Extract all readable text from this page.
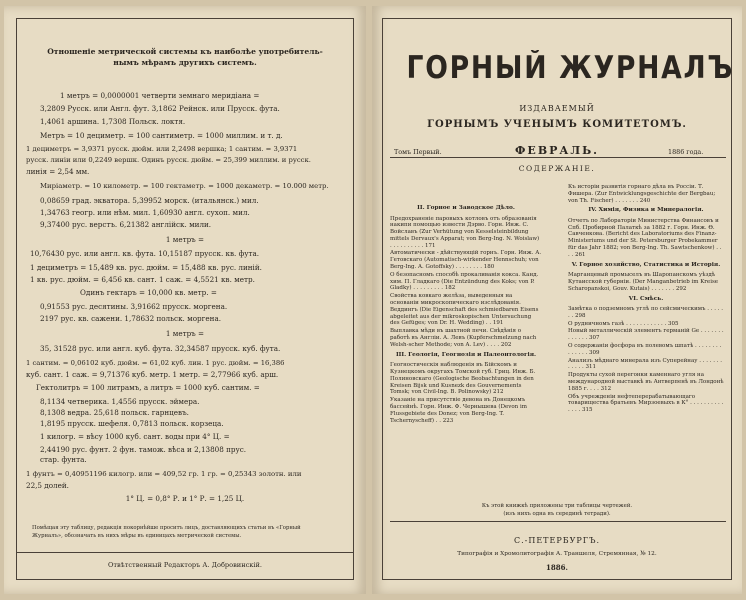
Отношеніе метрической системы къ наиболѣе употребитель-
нымъ мѣрамъ другихъ системъ.
1 метръ = 0,0000001 четверти земнаго меридіана =
3,2809 Русск. или Англ. фут. 3,1862 Рейнск. или Прусск. фута.
1,4061 аршина. 1,7308 Польск. локтя.
Метръ = 10 дециметр. = 100 сантиметр. = 1000 миллим. и т. д.
1 дециметръ = 3,9371 русск. дюйм. или 2,2498 вершка; 1 сантим. = 3,9371
русск. линіи или 0,2249 вершк. Одинъ русск. дюйм. = 25,399 миллим. и русск.
линія = 2,54 мм.
Миріаметр. = 10 километр. = 100 гектаметр. = 1000 декаметр. = 10.000 метр.
0,08659 град. экватора. 5,39952 морск. (итальянск.) мил.
1,34763 геогр. или нѣм. мил. 1,60930 англ. сухоп. мил.
9,37400 рус. верстъ. 6,21382 англійск. мили.
1 метръ =
10,76430 рус. или англ. кв. фута. 10,15187 прусск. кв. фута.
1 дециметръ = 15,489 кв. рус. дюйм. = 15,488 кв. рус. линій.
1 кв. рус. дюйм. = 6,456 кв. сант. 1 саж. = 4,5521 кв. метр.
Одинъ гектаръ = 10,000 кв. метр. =
0,91553 рус. десятины. 3,91662 прусск. моргена.
2197 рус. кв. сажени. 1,78632 польск. моргена.
1 метръ =
35, 31528 рус. или англ. куб. фута. 32,34587 прусск. куб. фута.
1 сантим. = 0,06102 куб. дюйм. = 61,02 куб. лин. 1 рус. дюйм. = 16,386
куб. сант. 1 саж. = 9,71376 куб. метр. 1 метр. = 2,77966 куб. арш.
Гектолитръ = 100 литрамъ, а литръ = 1000 куб. сантим. =
8,1134 четверика. 1,4556 прусск. эймера.
8,1308 ведра. 25,618 польск. гарнцевъ.
1,8195 прусск. шефеля. 0,7813 польск. корзеца.
1 килогр. = вѣсу 1000 куб. сант. воды при 4° Ц. =
2,44190 рус. фунт. 2 фун. тамож. вѣса и 2,13808 прус.
стар. фунта.
1 фунтъ = 0,40951196 килогр. или = 409,52 гр. 1 гр. = 0,25343 золотн. или
22,5 долей.
1° Ц. = 0,8° Р. и 1° Р. = 1,25 Ц.
Помѣщая эту таблицу, редакція покорнѣйше проситъ лицъ, доставляющихъ статьи въ «Горный
Журналъ», обозначать въ нихъ мѣры въ единицахъ метрической системы.
Отвѣтственный Редакторъ А. Добровинскій.
ГОРНЫЙ ЖУРНАЛЪ
ИЗДАВАЕМЫЙ
ГОРНЫМЪ УЧЕНЫМЪ КОМИТЕТОМЪ.
Томъ Первый.	ФЕВРАЛЬ.	1886 года.
СОДЕРЖАНІЕ.
II. Горное и Заводское Дѣло.
Предохраненіе паровыхъ котловъ отъ образованія накипи помощью извести Дэрво. Горн. Инж. С. Войславъ (Zur Verhütung von Kesselsteinbildung mittels Dervaux's Apparat; von Berg-Ing. N. Woislaw) . . . . . . . . . . 171
Автоматически - дѣйствующій горнъ. Горн. Инж. А. Гетовскаго (Automatisch-wirkender Hennschuh; von Berg-Ing. A. Gotoffsky) . . . . . . . . 180
О безопасномъ способѣ прокаливанія кокса. Канд. хим. П. Гладкаго (Die Entzündung des Koks; von P. Gladky) . . . . . . . . . 182
Свойства ковкаго желѣза, выведенныя на основаніи микроскопическаго изслѣдованія. Веддингъ (Die Eigenschaft des schmiedbaren Eisens abgeleitet aus der mikroskopischen Untersuchung des Gefüges; von Dr. H. Wedding) . . 191
Выплавка мѣди въ шахтной печи. Свѣдѣнія о работѣ въ Англіи. А. Левъ (Kupferschmelzung nach Welsh-scher Methode; von A. Lev) . . . . 202
III. Геологія, Геогнозія и Палеонтологія.
Геогностическія наблюденія въ Бійскомъ и Кузнецкомъ округахъ Томской губ. Гриц. Инж. Б. Полиновскаго (Geologische Beobachtungen in den Kreisen Bijsk und Kusnezk des Gouvernements Tomsk; von Civil-Ing. B. Polinowsky) 212
Указаніе на присутствіе девона въ Донецкомъ бассейнѣ. Горн. Инж. Ф. Чернышева (Devon im Flussgebiete des Donez; von Berg-Ing. T. Tschernyscheff) . . 223
Къ исторіи развитія горнаго дѣла въ Россіи. Т. Фишера. (Zur Entwicklungsgeschichte der Bergbau; von Th. Fischer) . . . . . . . 240
IV. Химія, Физика и Минералогія.
Отчетъ по Лабораторіи Министерства Финансовъ и Спб. Пробирной Палаткѣ за 1882 г. Горн. Инж. Θ. Савченкова. (Bericht des Laboratoriums des Finanz-Ministeriums und der St. Petersburger Probekammer für das Jahr 1882; von Berg-Ing. Th. Sawtschenkow) . . . . 261
V. Горное хозяйство, Статистика и Исторія.
Марганцевый промыселъ въ Шаропанскомъ уѣздѣ Кутаисской губерніи. (Der Manganbetrieb im Kreise Scharopanskoi, Gouv. Kutais) . . . . . . . 292
VI. Смѣсь.
Замѣтка о подземномъ углѣ по сейсмическимъ . . . . . . . 298
О рудничномъ газѣ . . . . . . . . . . . . 305
Новый металлическій элементъ германій Ge . . . . . . . . . . . . . 307
О содержаніи фосфора въ полевомъ шпатѣ . . . . . . . . . . . . . . 309
Анализъ мѣднаго минерала изъ Суперейнау . . . . . . . . . . . . 311
Продукты сухой перегонки каменнаго угля на международной выставкѣ въ Антверпенѣ въ Лондонѣ 1885 г. . . . 312
Объ учрежденіи нефтеперерабатывающаго товарищества братьевъ Мирзоевыхъ в К° . . . . . . . . . . . . . . 315
Къ этой книжкѣ приложены три таблицы чертежей.
(изъ нихъ одна въ серединѣ тетради).
С.-ПЕТЕРБУРГЪ.
Типографія и Хромолитографія А. Траншеля, Стремянная, № 12.
1886.
